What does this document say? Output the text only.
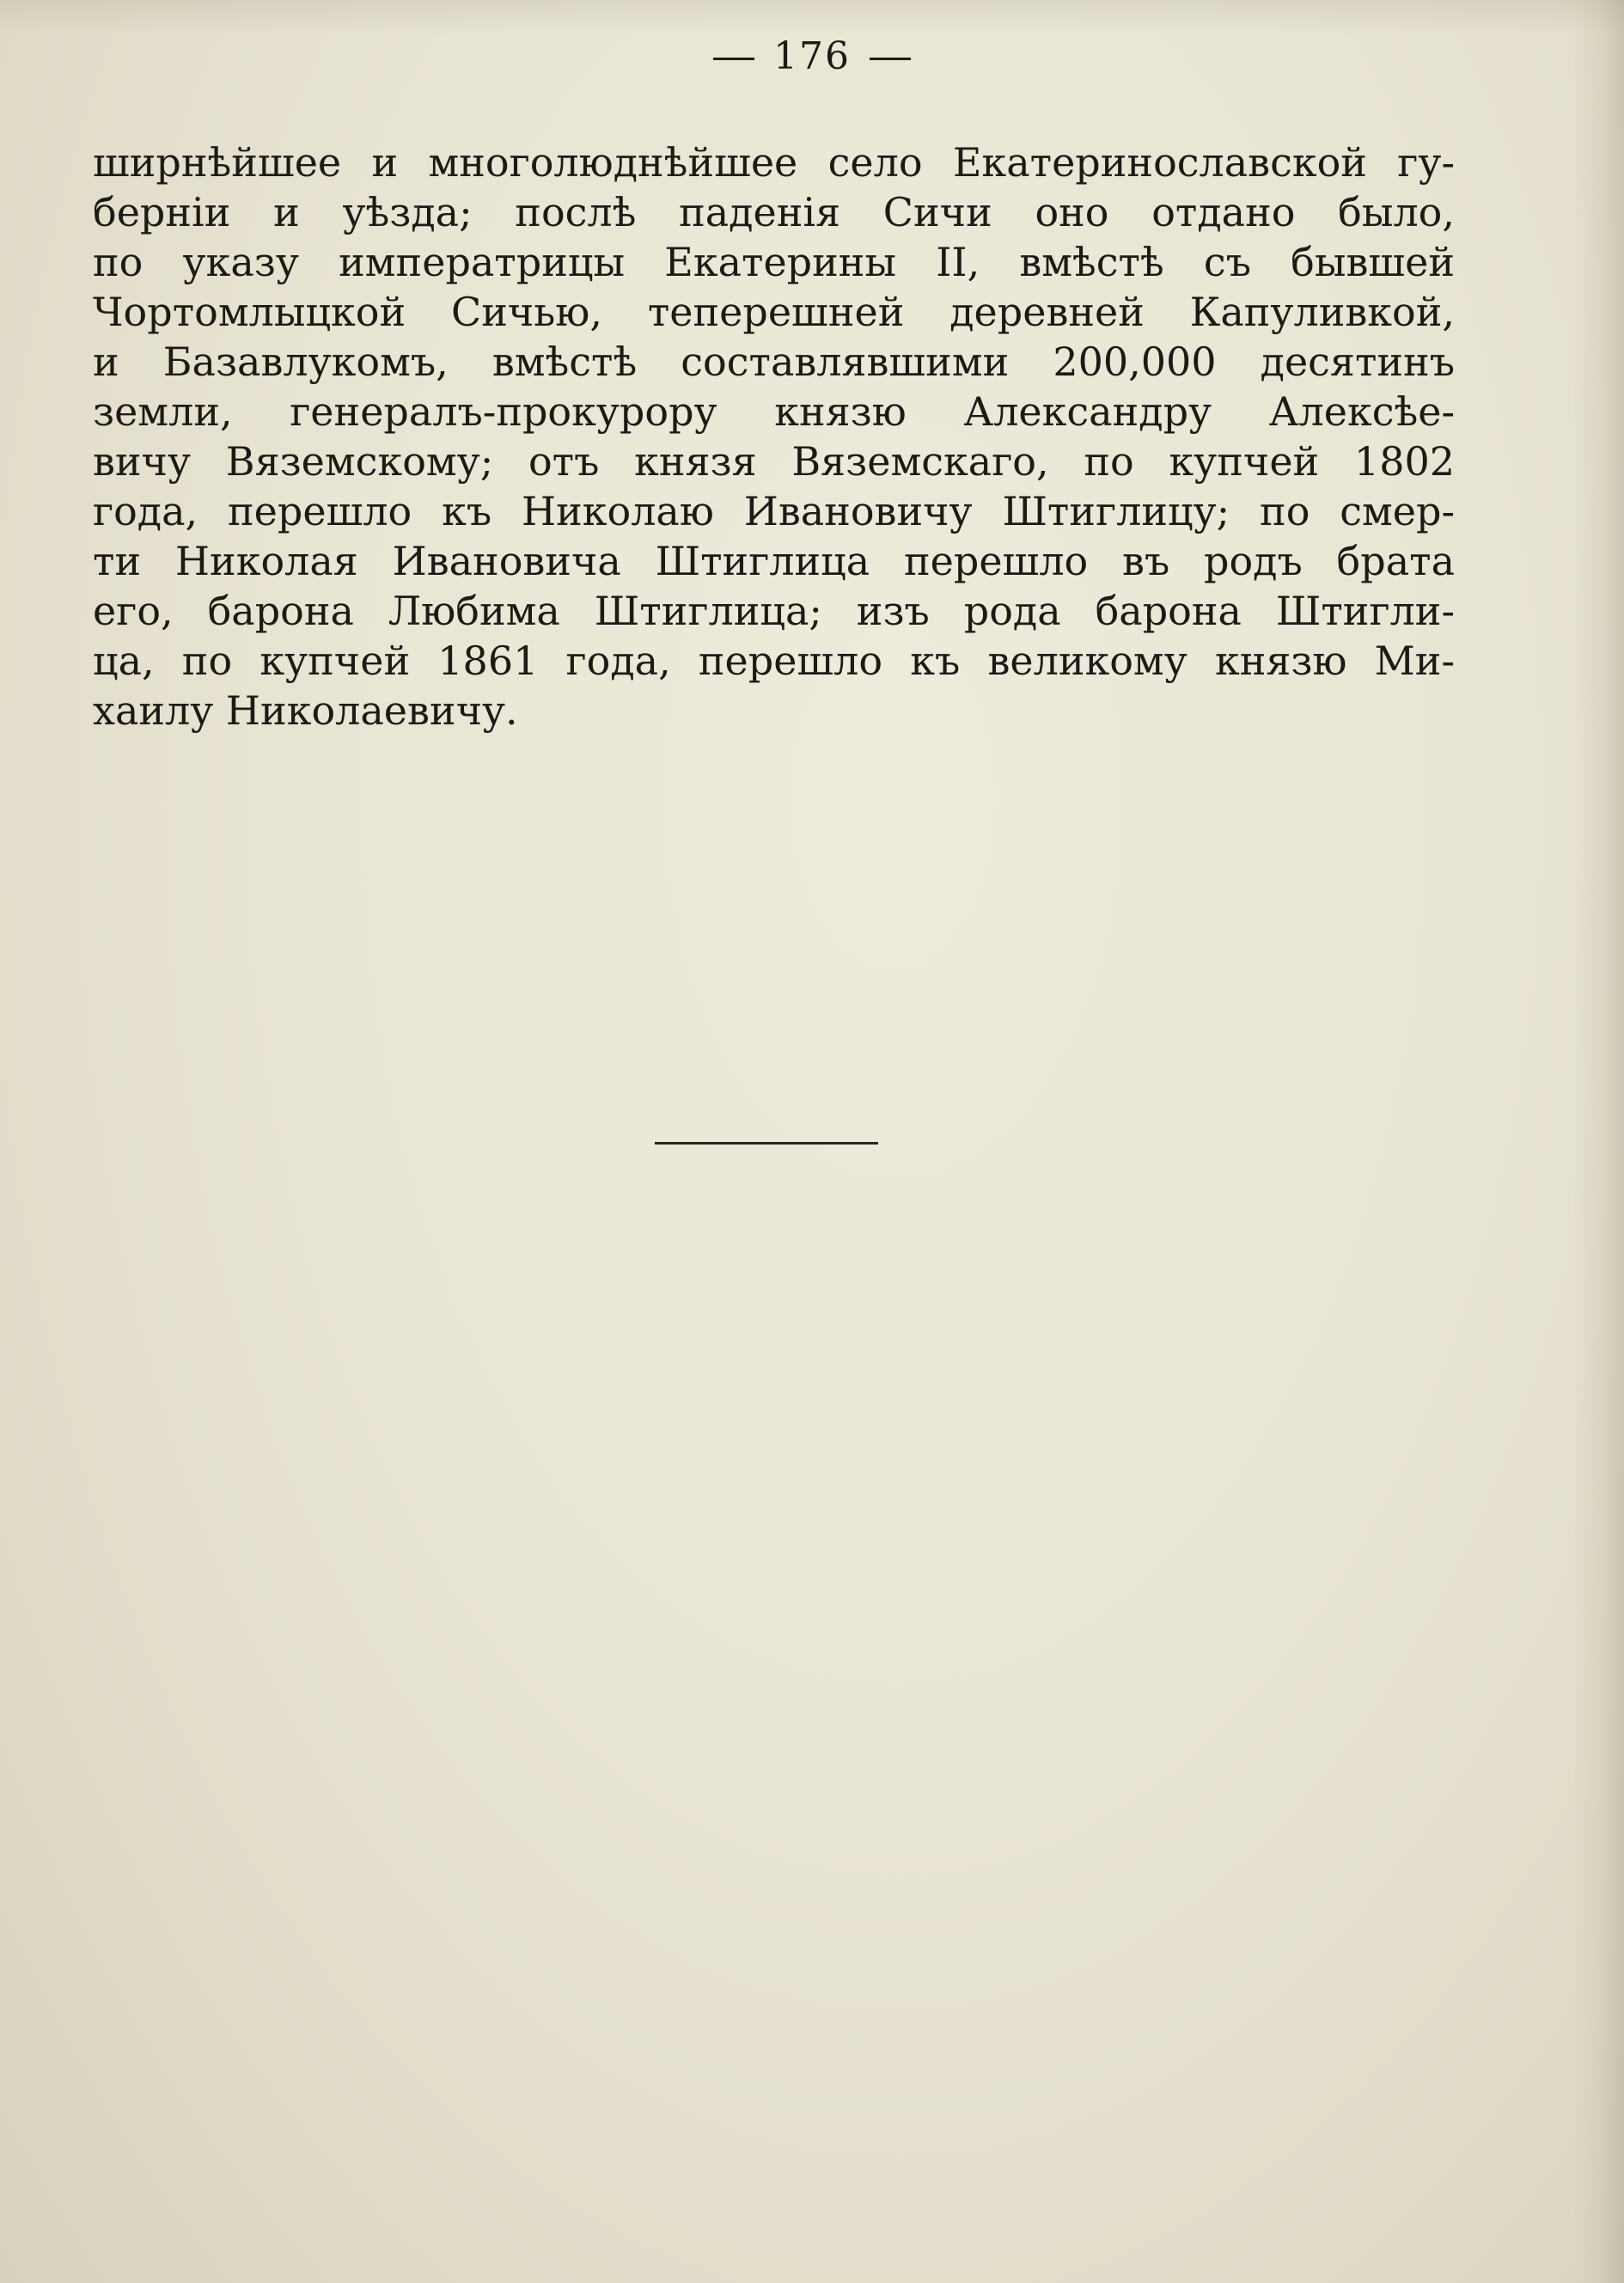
176
ширнѣйшее и многолюднѣйшее село Екатеринославской гу-
берніи и уѣзда; послѣ паденія Сичи оно отдано было,
по указу императрицы Екатерины II, вмѣстѣ съ бывшей
Чортомлыцкой Сичью, теперешней деревней Капуливкой,
и Базавлукомъ, вмѣстѣ составлявшими 200,000 десятинъ
земли, генералъ-прокурору князю Александру Алексѣе-
вичу Вяземскому; отъ князя Вяземскаго, по купчей 1802
года, перешло къ Николаю Ивановичу Штиглицу; по смер-
ти Николая Ивановича Штиглица перешло въ родъ брата
его, барона Любима Штиглица; изъ рода барона Штигли-
ца, по купчей 1861 года, перешло къ великому князю Ми-
хаилу Николаевичу.
